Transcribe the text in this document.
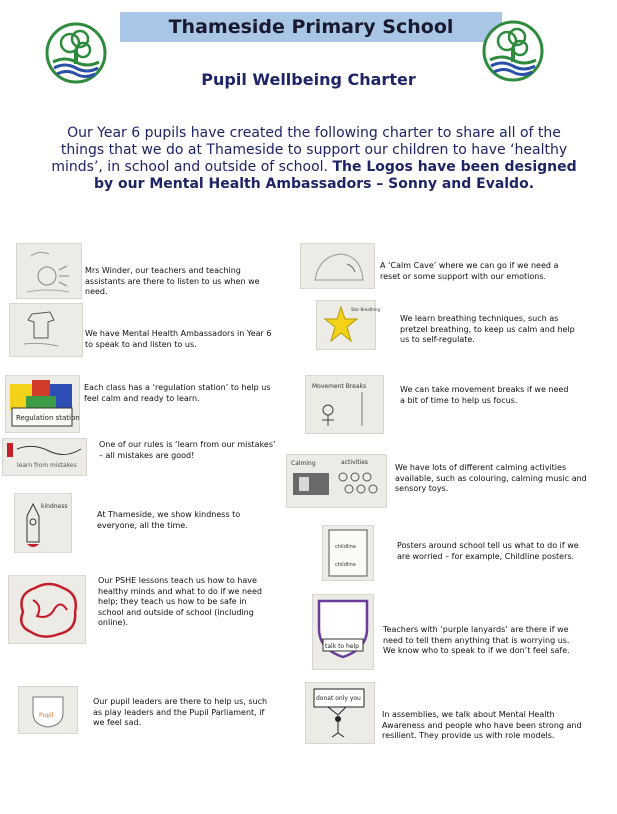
Thameside Primary School
Pupil Wellbeing Charter
Our Year 6 pupils have created the following charter to share all of the things that we do at Thameside to support our children to have ‘healthy minds’, in school and outside of school. The Logos have been designed by our Mental Health Ambassadors – Sonny and Evaldo.
Mrs Winder, our teachers and teaching assistants are there to listen to us when we need.
We have Mental Health Ambassadors in Year 6 to speak to and listen to us.
Regulation station
Each class has a ‘regulation station’ to help us feel calm and ready to learn.
learn from mistakes
One of our rules is ‘learn from our mistakes’ – all mistakes are good!
kindness
At Thameside, we show kindness to everyone, all the time.
Our PSHE lessons teach us how to have healthy minds and what to do if we need help; they teach us how to be safe in school and outside of school (including online).
Pupil
Our pupil leaders are there to help us, such as play leaders and the Pupil Parliament, if we feel sad.
A ‘Calm Cave’ where we can go if we need a reset or some support with our emotions.
Star Breathing
We learn breathing techniques, such as pretzel breathing, to keep us calm and help us to self-regulate.
Movement Breaks	We can take movement breaks if we need a bit of time to help us focus.
Calming	activities
We have lots of different calming activities available, such as colouring, calming music and sensory toys.
childline
childline
Posters around school tell us what to do if we are worried – for example, Childline posters.
talk to help
Teachers with ‘purple lanyards’ are there if we need to tell them anything that is worrying us. We know who to speak to if we don’t feel safe.
donat only you
In assemblies, we talk about Mental Health Awareness and people who have been strong and resilient. They provide us with role models.
